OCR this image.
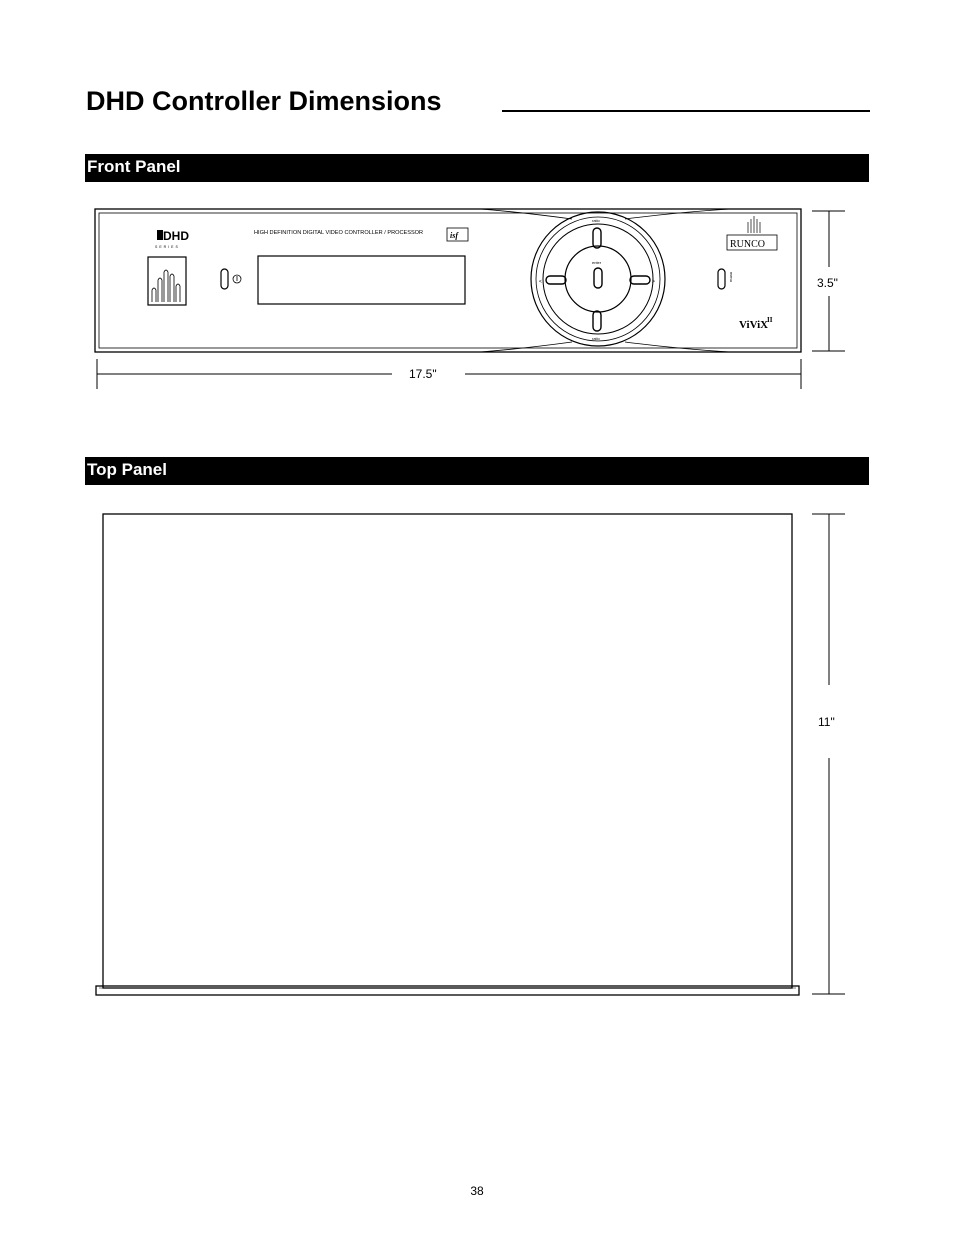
DHD Controller Dimensions
Front Panel
Top Panel
DHD
SERIES
HIGH DEFINITION DIGITAL VIDEO CONTROLLER / PROCESSOR	isf
ratio
ratio
enter
<	>	menu
RUNCO
ViViX
II
17.5"
3.5"
11"
38
